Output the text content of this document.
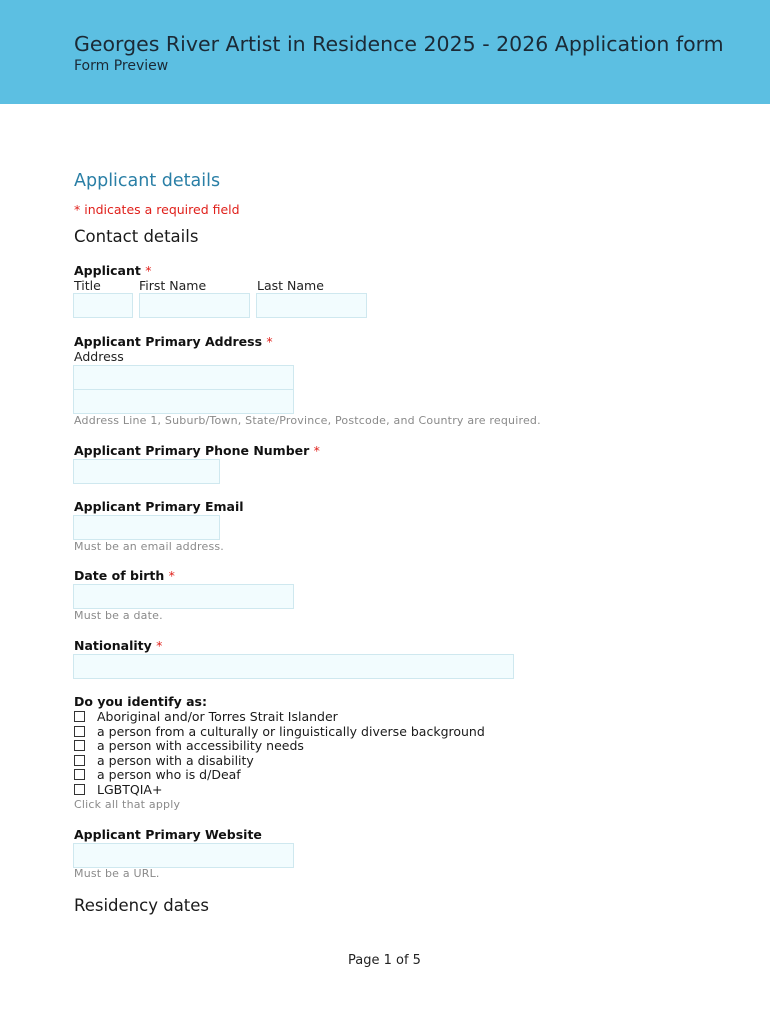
Georges River Artist in Residence 2025 - 2026 Application form
Form Preview
Applicant details
* indicates a required field
Contact details
Applicant *
Title	First Name	Last Name
Applicant Primary Address *
Address
Address Line 1, Suburb/Town, State/Province, Postcode, and Country are required.
Applicant Primary Phone Number *
Applicant Primary Email
Must be an email address.
Date of birth *
Must be a date.
Nationality *
Do you identify as:
Aboriginal and/or Torres Strait Islander
a person from a culturally or linguistically diverse background
a person with accessibility needs
a person with a disability
a person who is d/Deaf
LGBTQIA+
Click all that apply
Applicant Primary Website
Must be a URL.
Residency dates
Page 1 of 5
